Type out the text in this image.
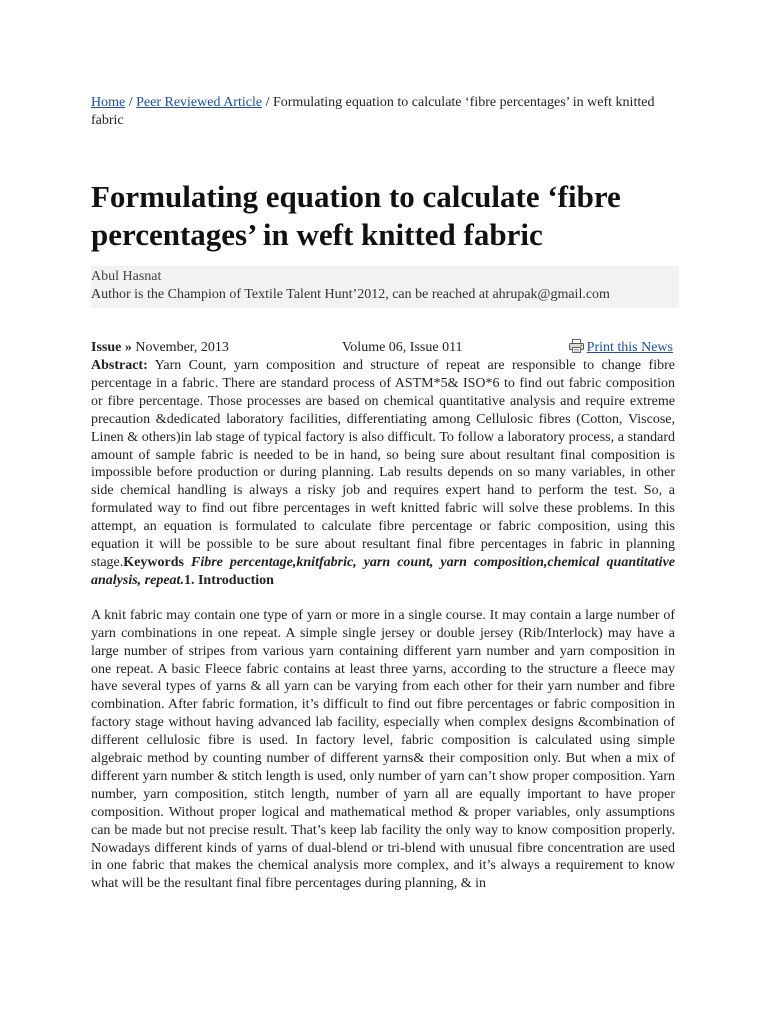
Home / Peer Reviewed Article / Formulating equation to calculate ‘fibre percentages’ in weft knitted fabric
Formulating equation to calculate ‘fibre percentages’ in weft knitted fabric
Abul Hasnat
Author is the Champion of Textile Talent Hunt’2012, can be reached at ahrupak@gmail.com
Issue » November, 2013	Volume 06, Issue 011	Print this News

Abstract: Yarn Count, yarn composition and structure of repeat are responsible to change fibre percentage in a fabric. There are standard process of ASTM*5& ISO*6 to find out fabric composition or fibre percentage. Those processes are based on chemical quantitative analysis and require extreme precaution &dedicated laboratory facilities, differentiating among Cellulosic fibres (Cotton, Viscose, Linen & others)in lab stage of typical factory is also difficult. To follow a laboratory process, a standard amount of sample fabric is needed to be in hand, so being sure about resultant final composition is impossible before production or during planning. Lab results depends on so many variables, in other side chemical handling is always a risky job and requires expert hand to perform the test. So, a formulated way to find out fibre percentages in weft knitted fabric will solve these problems. In this attempt, an equation is formulated to calculate fibre percentage or fabric composition, using this equation it will be possible to be sure about resultant final fibre percentages in fabric in planning stage.Keywords Fibre percentage,knitfabric, yarn count, yarn composition,chemical quantitative analysis, repeat.1. Introduction

A knit fabric may contain one type of yarn or more in a single course. It may contain a large number of yarn combinations in one repeat. A simple single jersey or double jersey (Rib/Interlock) may have a large number of stripes from various yarn containing different yarn number and yarn composition in one repeat. A basic Fleece fabric contains at least three yarns, according to the structure a fleece may have several types of yarns & all yarn can be varying from each other for their yarn number and fibre combination. After fabric formation, it’s difficult to find out fibre percentages or fabric composition in factory stage without having advanced lab facility, especially when complex designs &combination of different cellulosic fibre is used. In factory level, fabric composition is calculated using simple algebraic method by counting number of different yarns& their composition only. But when a mix of different yarn number & stitch length is used, only number of yarn can’t show proper composition. Yarn number, yarn composition, stitch length, number of yarn all are equally important to have proper composition. Without proper logical and mathematical method & proper variables, only assumptions can be made but not precise result. That’s keep lab facility the only way to know composition properly. Nowadays different kinds of yarns of dual-blend or tri-blend with unusual fibre concentration are used in one fabric that makes the chemical analysis more complex, and it’s always a requirement to know what will be the resultant final fibre percentages during planning, & in
